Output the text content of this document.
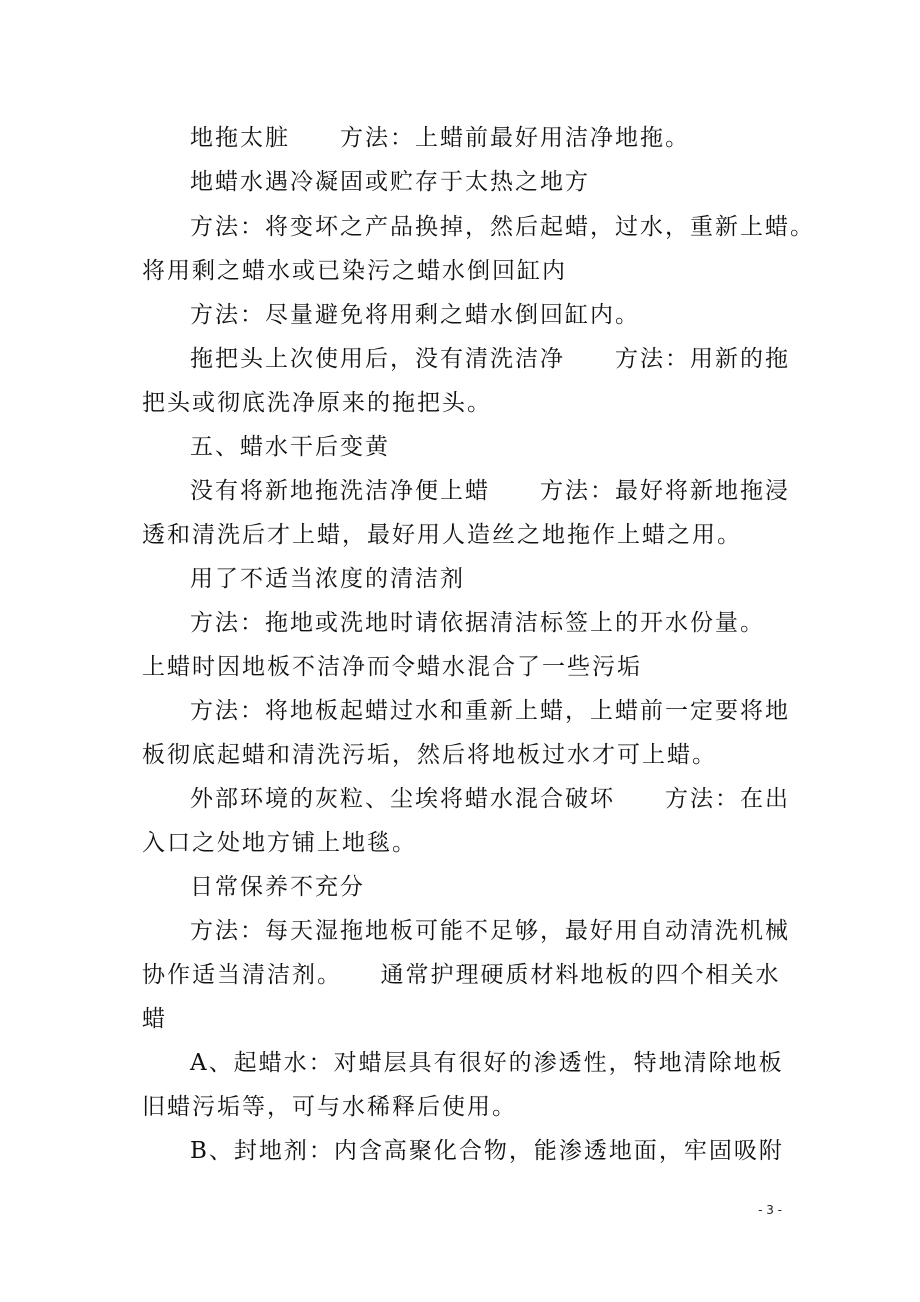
地拖太脏　　方法：上蜡前最好用洁净地拖。
地蜡水遇冷凝固或贮存于太热之地方
方法：将变坏之产品换掉，然后起蜡，过水，重新上蜡。
将用剩之蜡水或已染污之蜡水倒回缸内
方法：尽量避免将用剩之蜡水倒回缸内。
拖把头上次使用后，没有清洗洁净　　方法：用新的拖
把头或彻底洗净原来的拖把头。
五、蜡水干后变黄
没有将新地拖洗洁净便上蜡　　方法：最好将新地拖浸
透和清洗后才上蜡，最好用人造丝之地拖作上蜡之用。
用了不适当浓度的清洁剂
方法：拖地或洗地时请依据清洁标签上的开水份量。
上蜡时因地板不洁净而令蜡水混合了一些污垢
方法：将地板起蜡过水和重新上蜡，上蜡前一定要将地
板彻底起蜡和清洗污垢，然后将地板过水才可上蜡。
外部环境的灰粒、尘埃将蜡水混合破坏　　方法：在出
入口之处地方铺上地毯。
日常保养不充分
方法：每天湿拖地板可能不足够，最好用自动清洗机械
协作适当清洁剂。　　通常护理硬质材料地板的四个相关水
蜡
A、起蜡水：对蜡层具有很好的渗透性，特地清除地板
旧蜡污垢等，可与水稀释后使用。
B、封地剂：内含高聚化合物，能渗透地面，牢固吸附
- 3 -
